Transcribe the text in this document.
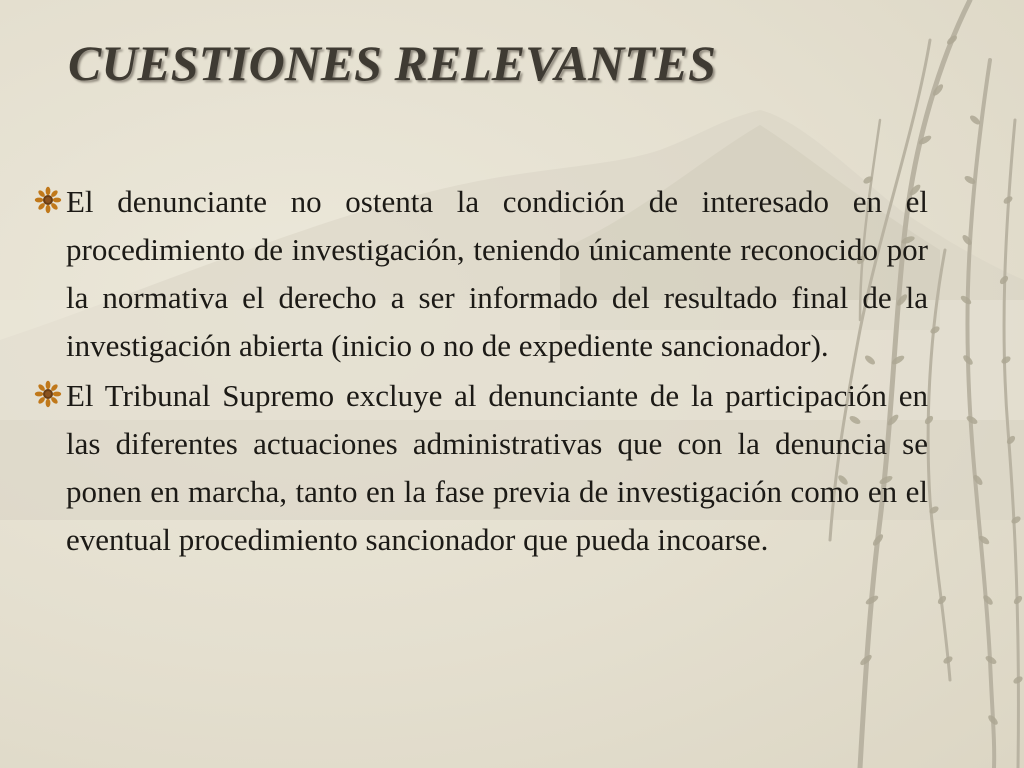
CUESTIONES RELEVANTES

El denunciante no ostenta la condición de interesado en el procedimiento de investigación, teniendo únicamente reconocido por la normativa el derecho a ser informado del resultado final de la investigación abierta (inicio o no de expediente sancionador).

El Tribunal Supremo excluye al denunciante de la participación en las diferentes actuaciones administrativas que con la denuncia se ponen en marcha, tanto en la fase previa de investigación como en el eventual procedimiento sancionador que pueda incoarse.
